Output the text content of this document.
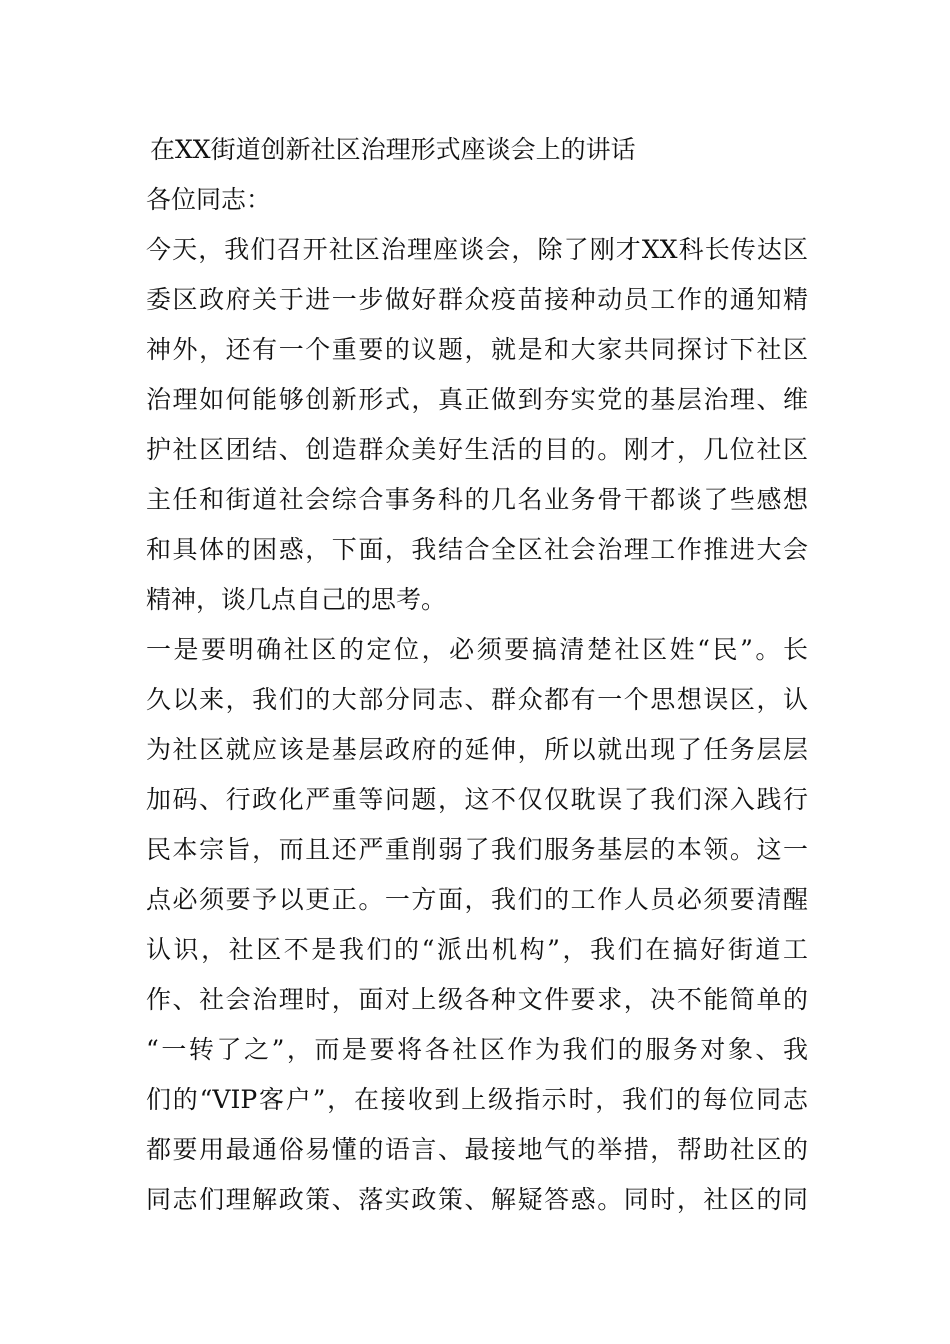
在XX街道创新社区治理形式座谈会上的讲话

各位同志：

今天，我们召开社区治理座谈会，除了刚才XX科长传达区
委区政府关于进一步做好群众疫苗接种动员工作的通知精
神外，还有一个重要的议题，就是和大家共同探讨下社区
治理如何能够创新形式，真正做到夯实党的基层治理、维
护社区团结、创造群众美好生活的目的。刚才，几位社区
主任和街道社会综合事务科的几名业务骨干都谈了些感想
和具体的困惑，下面，我结合全区社会治理工作推进大会
精神，谈几点自己的思考。

一是要明确社区的定位，必须要搞清楚社区姓“民”。长
久以来，我们的大部分同志、群众都有一个思想误区，认
为社区就应该是基层政府的延伸，所以就出现了任务层层
加码、行政化严重等问题，这不仅仅耽误了我们深入践行
民本宗旨，而且还严重削弱了我们服务基层的本领。这一
点必须要予以更正。一方面，我们的工作人员必须要清醒
认识，社区不是我们的“派出机构”，我们在搞好街道工
作、社会治理时，面对上级各种文件要求，决不能简单的
“一转了之”，而是要将各社区作为我们的服务对象、我
们的“VIP客户”，在接收到上级指示时，我们的每位同志
都要用最通俗易懂的语言、最接地气的举措，帮助社区的
同志们理解政策、落实政策、解疑答惑。同时，社区的同
